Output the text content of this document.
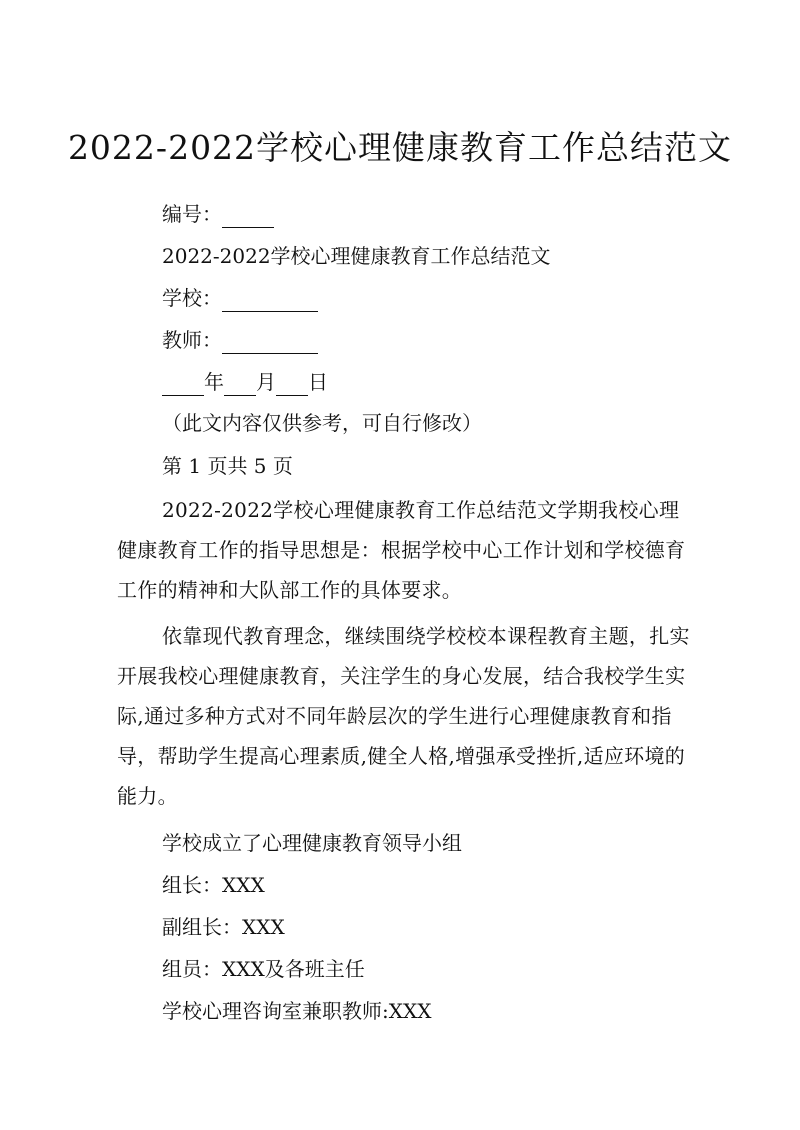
2022-2022学校心理健康教育工作总结范文
编号：
2022-2022学校心理健康教育工作总结范文
学校：
教师：
年 月 日
（此文内容仅供参考，可自行修改）
第 1 页共 5 页

2022-2022学校心理健康教育工作总结范文学期我校心理健康教育工作的指导思想是：根据学校中心工作计划和学校德育工作的精神和大队部工作的具体要求。

依靠现代教育理念，继续围绕学校校本课程教育主题，扎实开展我校心理健康教育，关注学生的身心发展，结合我校学生实际,通过多种方式对不同年龄层次的学生进行心理健康教育和指导，帮助学生提高心理素质,健全人格,增强承受挫折,适应环境的能力。

学校成立了心理健康教育领导小组
组长：XXX
副组长：XXX
组员：XXX及各班主任
学校心理咨询室兼职教师:XXX
